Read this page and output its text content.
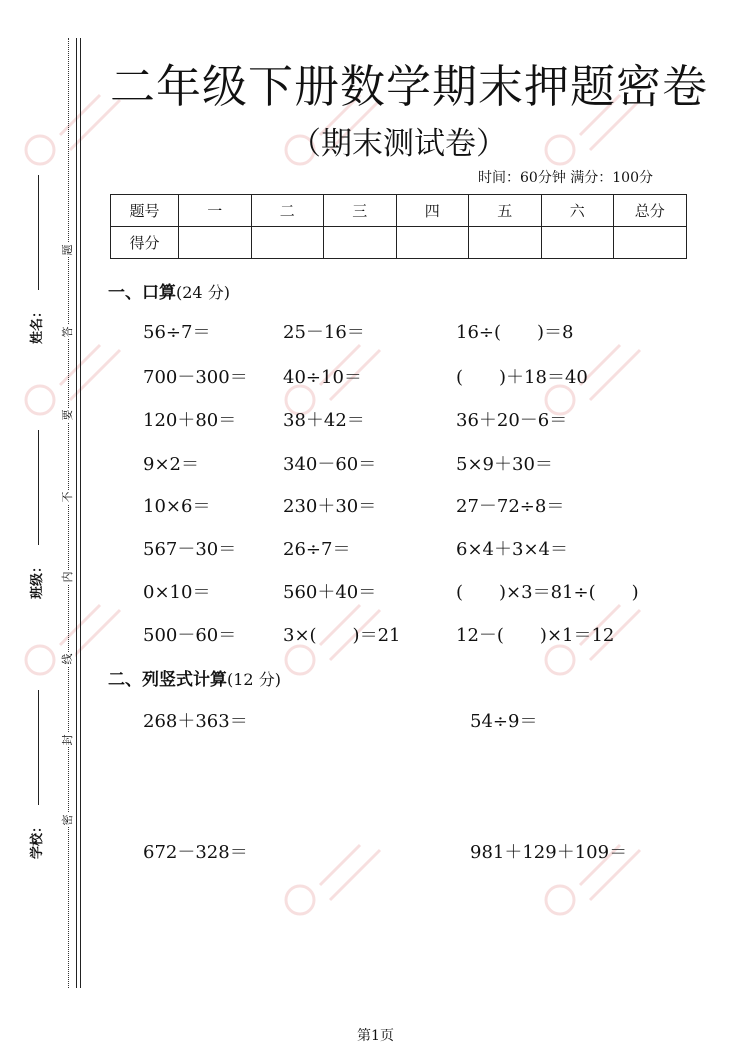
姓名：
班级：
学校：
题
答
要
不
内
线
封
密
二年级下册数学期末押题密卷
（期末测试卷）
时间：60分钟 满分：100分
题号	一	二	三	四	五	六	总分
得分							
一、口算(24 分)
56÷7＝	25－16＝	16÷(　　)＝8
700－300＝ 40÷10＝	(　　)＋18＝40
120＋80＝	38＋42＝	36＋20－6＝
9×2＝	340－60＝	5×9＋30＝
10×6＝	230＋30＝	27－72÷8＝
567－30＝	26÷7＝	6×4＋3×4＝
0×10＝	560＋40＝	(　　)×3＝81÷(　　)
500－60＝	3×(　　)＝21	12－(　　)×1＝12
二、列竖式计算(12 分)
268＋363＝	54÷9＝
672－328＝	981＋129＋109＝
第1页
